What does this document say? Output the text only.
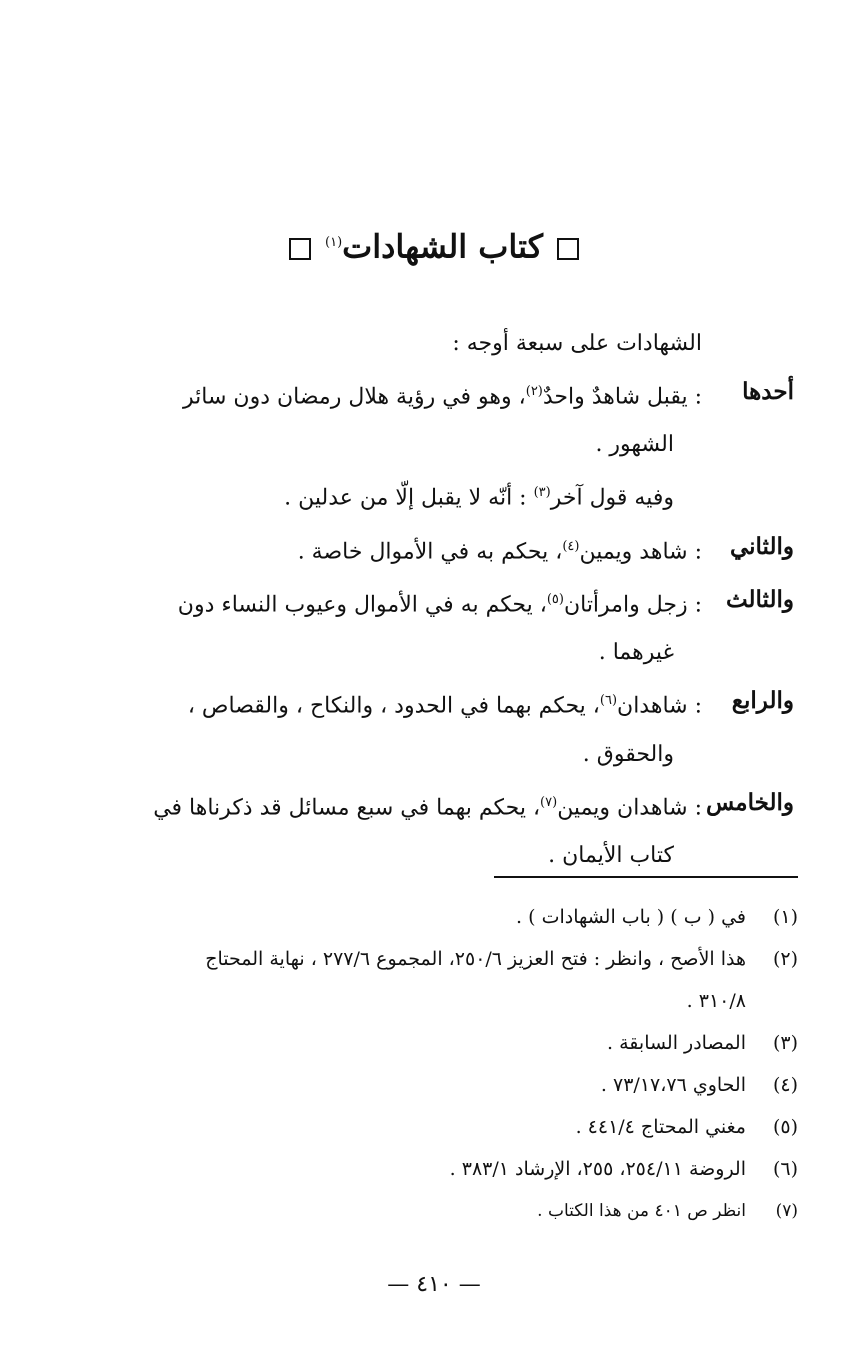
كتاب الشهادات$^{(١)}$
الشهادات على سبعة أوجه :
أحدها
: يقبل شاهدٌ واحدٌ$^{(٢)}$، وهو في رؤية هلال رمضان دون سائر
الشهور .
وفيه قول آخر$^{(٣)}$ : أنّه لا يقبل إلّا من عدلين .
والثاني
: شاهد ويمين$^{(٤)}$، يحكم به في الأموال خاصة .
والثالث
: زجل وامرأتان$^{(٥)}$، يحكم به في الأموال وعيوب النساء دون
غيرهما .
والرابع
: شاهدان$^{(٦)}$، يحكم بهما في الحدود ، والنكاح ، والقصاص ،
والحقوق .
والخامس
: شاهدان ويمين$^{(٧)}$، يحكم بهما في سبع مسائل قد ذكرناها في
كتاب الأيمان .
(١)
في ( ب ) ( باب الشهادات ) .
(٢)
هذا الأصح ، وانظر : فتح العزيز ٢٥٠/٦، المجموع ٢٧٧/٦ ، نهاية المحتاج
٣١٠/٨ .
(٣)
المصادر السابقة .
(٤)
الحاوي ٧٣/١٧،٧٦ .
(٥)
مغني المحتاج ٤٤١/٤ .
(٦)
الروضة ٢٥٤/١١، ٢٥٥، الإرشاد ٣٨٣/١ .
(٧)
انظر ص ٤٠١ من هذا الكتاب .
— ٤١٠ —
